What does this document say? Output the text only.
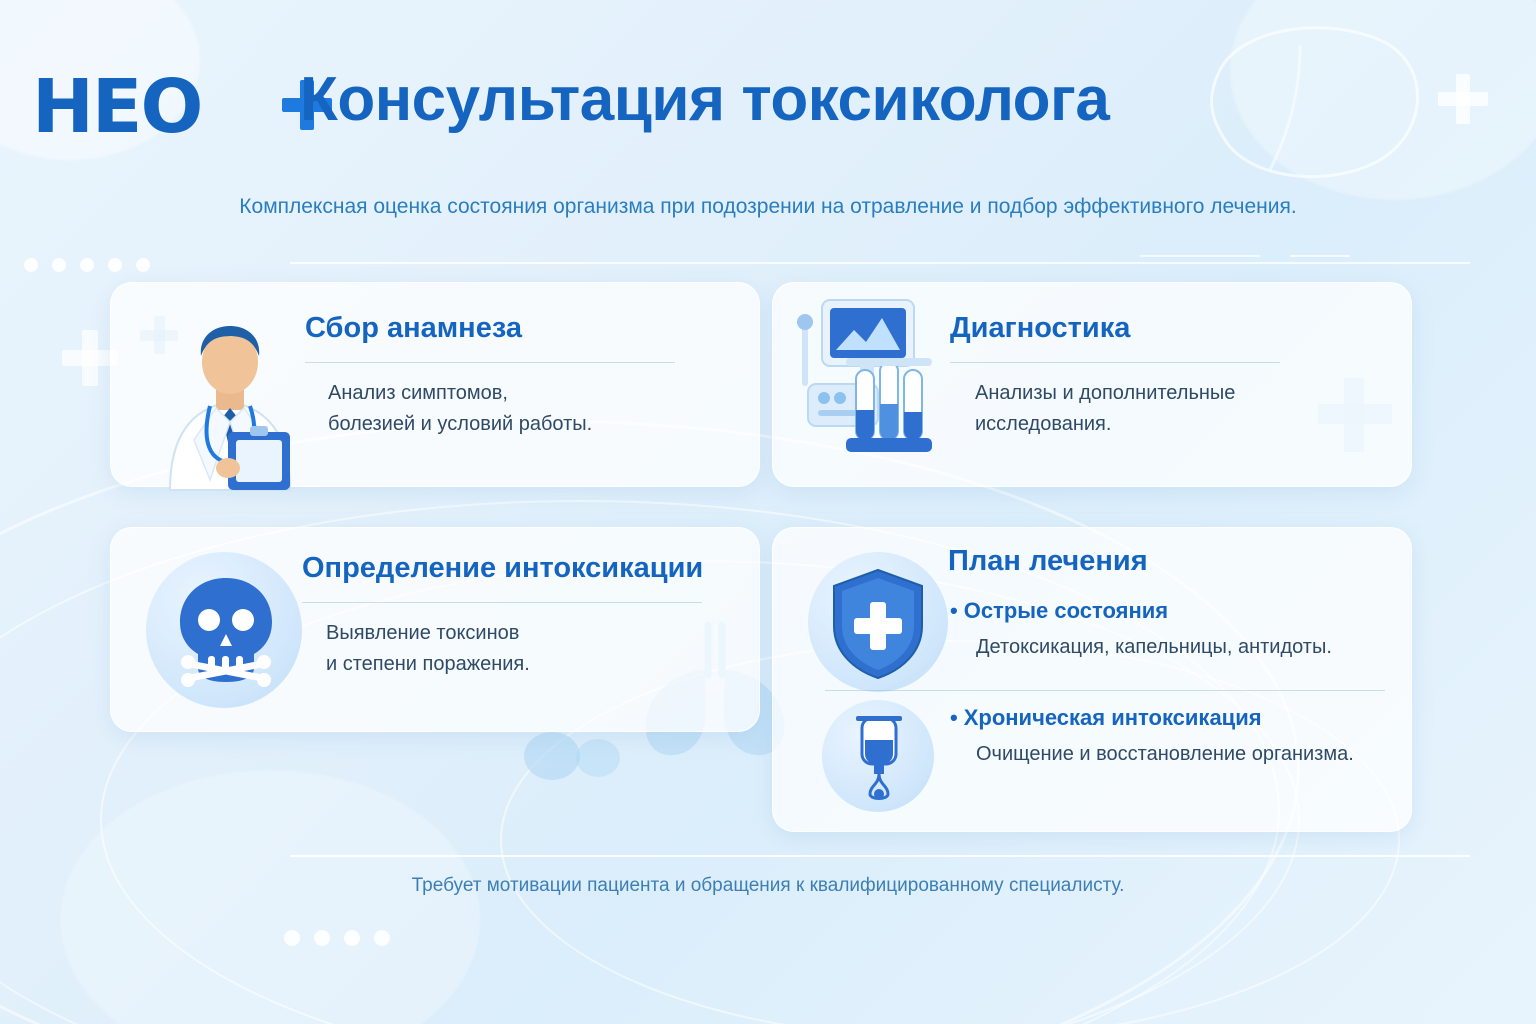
HEO	Консультация токсиколога
Комплексная оценка состояния организма при подозрении на отравление и подбор эффективного лечения.
Сбор анамнеза
Анализ симптомов,
болезией и условий работы.
Диагностика
Анализы и дополнительные
исследования.
Определение интоксикации
Выявление токсинов
и степени поражения.
План лечения
• Острые состояния
Детоксикация, капельницы, антидоты.
• Хроническая интоксикация
Очищение и восстановление организма.
Требует мотивации пациента и обращения к квалифицированному специалисту.
